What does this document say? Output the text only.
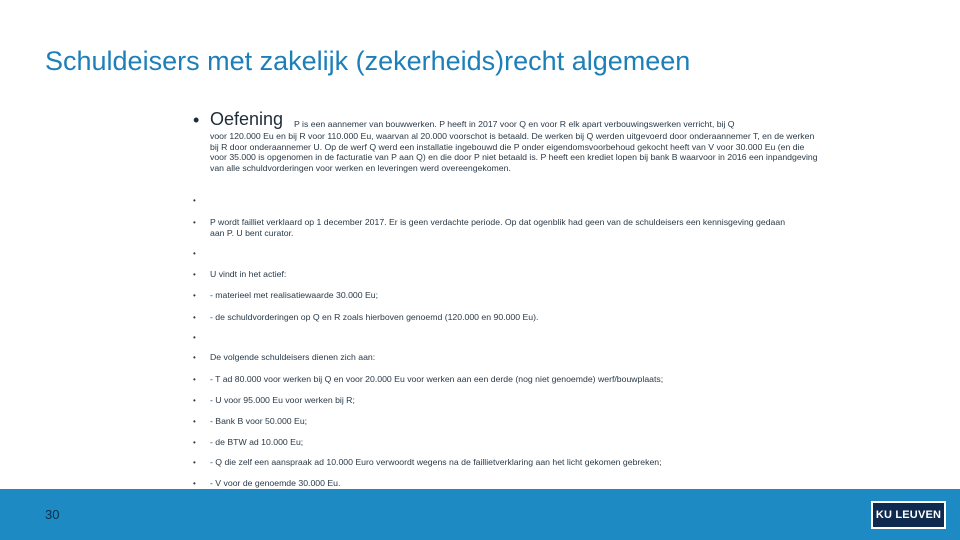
Schuldeisers met zakelijk (zekerheids)recht algemeen
• Oefening P is een aannemer van bouwwerken. P heeft in 2017 voor Q en voor R elk apart verbouwingswerken verricht, bij Q
voor 120.000 Eu en bij R voor 110.000 Eu, waarvan al 20.000 voorschot is betaald. De werken bij Q werden uitgevoerd door onderaannemer T, en de werken bij R door onderaannemer U. Op de werf Q werd een installatie ingebouwd die P onder eigendomsvoorbehoud gekocht heeft van V voor 30.000 Eu (en die voor 35.000 is opgenomen in de facturatie van P aan Q) en die door P niet betaald is. P heeft een krediet lopen bij bank B waarvoor in 2016 een inpandgeving van alle schuldvorderingen voor werken en leveringen werd overeengekomen.
•
• P wordt failliet verklaard op 1 december 2017. Er is geen verdachte periode. Op dat ogenblik had geen van de schuldeisers een kennisgeving gedaan aan P. U bent curator.
•
• U vindt in het actief:
• - materieel met realisatiewaarde 30.000 Eu;
• - de schuldvorderingen op Q en R zoals hierboven genoemd (120.000 en 90.000 Eu).
•
• De volgende schuldeisers dienen zich aan:
• - T ad 80.000 voor werken bij Q en voor 20.000 Eu voor werken aan een derde (nog niet genoemde) werf/bouwplaats;
• - U voor 95.000 Eu voor werken bij R;
• - Bank B voor 50.000 Eu;
• - de BTW ad 10.000 Eu;
• - Q die zelf een aanspraak ad 10.000 Euro verwoordt wegens na de faillietverklaring aan het licht gekomen gebreken;
• - V voor de genoemde 30.000 Eu.
30	KU LEUVEN
